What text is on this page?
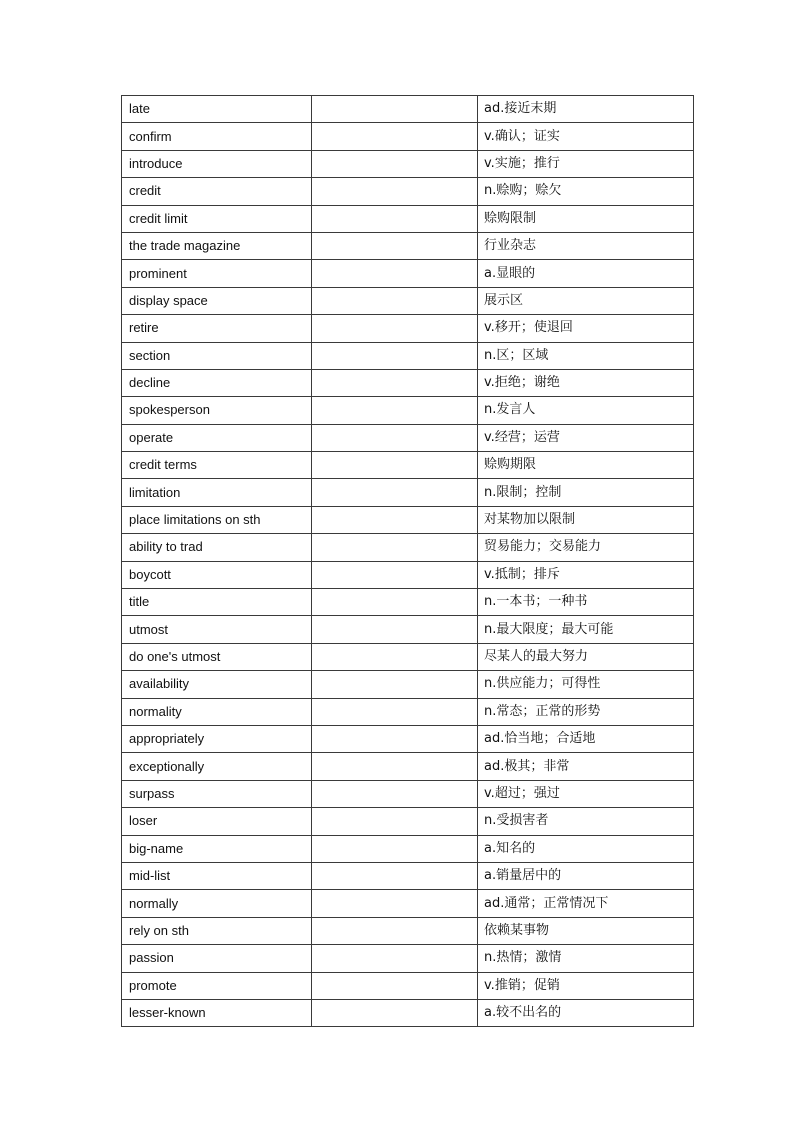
late		ad.接近末期
confirm		v.确认；证实
introduce		v.实施；推行
credit		n.赊购；赊欠
credit limit		赊购限制
the trade magazine		行业杂志
prominent		a.显眼的
display space		展示区
retire		v.移开；使退回
section		n.区；区域
decline		v.拒绝；谢绝
spokesperson		n.发言人
operate		v.经营；运营
credit terms		赊购期限
limitation		n.限制；控制
place limitations on sth		对某物加以限制
ability to trad		贸易能力；交易能力
boycott		v.抵制；排斥
title		n.一本书；一种书
utmost		n.最大限度；最大可能
do one's utmost		尽某人的最大努力
availability		n.供应能力；可得性
normality		n.常态；正常的形势
appropriately		ad.恰当地；合适地
exceptionally		ad.极其；非常
surpass		v.超过；强过
loser		n.受损害者
big-name		a.知名的
mid-list		a.销量居中的
normally		ad.通常；正常情况下
rely on sth		依赖某事物
passion		n.热情；激情
promote		v.推销；促销
lesser-known		a.较不出名的
